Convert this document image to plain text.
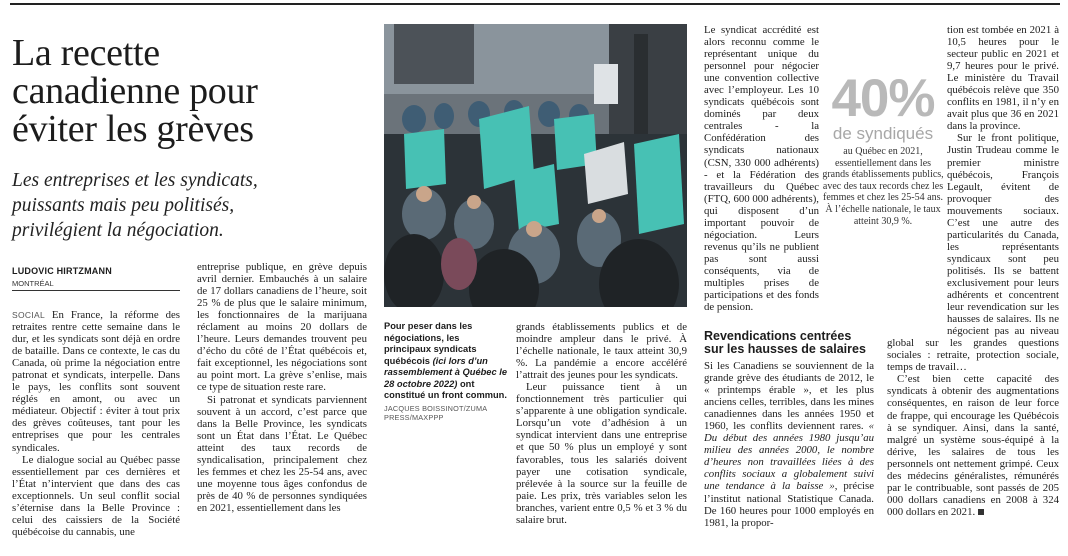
La recette canadienne pour éviter les grèves
Les entreprises et les syndicats, puissants mais peu politisés, privilégient la négociation.
LUDOVIC HIRTZMANN
MONTRÉAL

SOCIAL En France, la réforme des retraites rentre cette semaine dans le dur, et les syndicats sont déjà en ordre de bataille. Dans ce contexte, le cas du Canada, où prime la négociation entre patronat et syndicats, interpelle. Dans le pays, les conflits sont souvent réglés en amont, ou avec un médiateur. Objectif : éviter à tout prix des grèves coûteuses, tant pour les entreprises que pour les centrales syndicales.

Le dialogue social au Québec passe essentiellement par ces dernières et l’État n’intervient que dans des cas exceptionnels. Un seul conflit social s’éternise dans la Belle Province : celui des caissiers de la Société québécoise du cannabis, une

entreprise publique, en grève depuis avril dernier. Embauchés à un salaire de 17 dollars canadiens de l’heure, soit 25 % de plus que le salaire minimum, les fonctionnaires de la marijuana réclament au moins 20 dollars de l’heure. Leurs demandes trouvent peu d’écho du côté de l’État québécois et, fait exceptionnel, les négociations sont au point mort. La grève s’enlise, mais ce type de situation reste rare.

Si patronat et syndicats parviennent souvent à un accord, c’est parce que dans la Belle Province, les syndicats sont un État dans l’État. Le Québec atteint des taux records de syndicalisation, principalement chez les femmes et chez les 25-54 ans, avec une moyenne tous âges confondus de près de 40 % de personnes syndiquées en 2021, essentiellement dans les

Pour peser dans les négociations, les principaux syndicats québécois (ici lors d’un rassemblement à Québec le 28 octobre 2022) ont constitué un front commun.
JACQUES BOISSINOT/ZUMA PRESS/MAXPPP

grands établissements publics et de moindre ampleur dans le privé. À l’échelle nationale, le taux atteint 30,9 %. La pandémie a encore accéléré l’attrait des jeunes pour les syndicats.

Leur puissance tient à un fonctionnement très particulier qui s’apparente à une obligation syndicale. Lorsqu’un vote d’adhésion à un syndicat intervient dans une entreprise et que 50 % plus un employé y sont favorables, tous les salariés doivent payer une cotisation syndicale, prélevée à la source sur la feuille de paie. Les prix, très variables selon les branches, varient entre 0,5 % et 3 % du salaire brut.

Le syndicat accrédité est alors reconnu comme le représentant unique du personnel pour négocier une convention collective avec l’employeur. Les 10 syndicats québécois sont dominés par deux centrales - la Confédération des syndicats nationaux (CSN, 330 000 adhérents) - et la Fédération des travailleurs du Québec (FTQ, 600 000 adhérents), qui disposent d’un important pouvoir de négociation. Leurs revenus qu’ils ne publient pas sont aussi conséquents, via de multiples prises de participations et des fonds de pension.

Revendications centrées sur les hausses de salaires

Si les Canadiens se souviennent de la grande grève des étudiants de 2012, le « printemps érable », et les plus anciens celles, terribles, dans les mines canadiennes dans les années 1950 et 1960, les conflits deviennent rares. « Du début des années 1980 jusqu’au milieu des années 2000, le nombre d’heures non travaillées liées à des conflits sociaux a globalement suivi une tendance à la baisse », précise l’institut national Statistique Canada. De 160 heures pour 1000 employés en 1981, la propor-

40%
de syndiqués
au Québec en 2021, essentiellement dans les grands établissements publics, avec des taux records chez les femmes et chez les 25-54 ans. À l’échelle nationale, le taux atteint 30,9 %.

tion est tombée en 2021 à 10,5 heures pour le secteur public en 2021 et 9,7 heures pour le privé. Le ministère du Travail québécois relève que 350 conflits en 1981, il n’y en avait plus que 36 en 2021 dans la province.

Sur le front politique, Justin Trudeau comme le premier ministre québécois, François Legault, évitent de provoquer des mouvements sociaux. C’est une autre des particularités du Canada, les représentants syndicaux sont peu politisés. Ils se battent exclusivement pour leurs adhérents et concentrent leur revendication sur les hausses de salaires. Ils ne négocient pas au niveau global sur les grandes questions sociales : retraite, protection sociale, temps de travail…

C’est bien cette capacité des syndicats à obtenir des augmentations conséquentes, en raison de leur force de frappe, qui encourage les Québécois à se syndiquer. Ainsi, dans la santé, malgré un système sous-équipé à la dérive, les salaires de tous les personnels ont nettement grimpé. Ceux des médecins généralistes, rémunérés par le contribuable, sont passés de 205 000 dollars canadiens en 2008 à 324 000 dollars en 2021.
